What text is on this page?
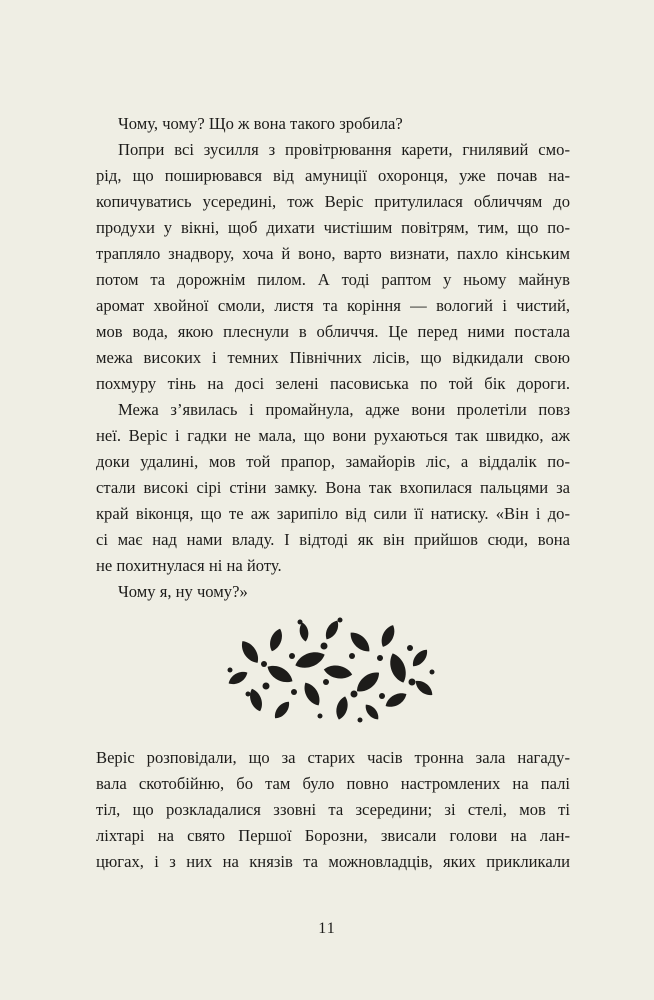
Чому, чому? Що ж вона такого зробила?
Попри всі зусилля з провітрювання карети, гнилявий смо-
рід, що поширювався від амуниції охоронця, уже почав на-
копичуватись усередині, тож Веріс притулилася обличчям до
продухи у вікні, щоб дихати чистішим повітрям, тим, що по-
трапляло знадвору, хоча й воно, варто визнати, пахло кінським
потом та дорожнім пилом. А тоді раптом у ньому майнув
аромат хвойної смоли, листя та коріння — вологий і чистий,
мов вода, якою плеснули в обличчя. Це перед ними постала
межа високих і темних Північних лісів, що відкидали свою
похмуру тінь на досі зелені пасовиська по той бік дороги.
Межа з’явилась і промайнула, адже вони пролетіли повз
неї. Веріс і гадки не мала, що вони рухаються так швидко, аж
доки удалині, мов той прапор, замайорів ліс, а віддалік по-
стали високі сірі стіни замку. Вона так вхопилася пальцями за
край віконця, що те аж зарипіло від сили її натиску. «Він і до-
сі має над нами владу. І відтоді як він прийшов сюди, вона
не похитнулася ні на йоту.
Чому я, ну чому?»
Веріс розповідали, що за старих часів тронна зала нагаду-
вала скотобійню, бо там було повно настромлених на палі
тіл, що розкладалися ззовні та зсередини; зі стелі, мов ті
ліхтарі на свято Першої Борозни, звисали голови на лан-
цюгах, і з них на князів та можновладців, яких прикликали
11
